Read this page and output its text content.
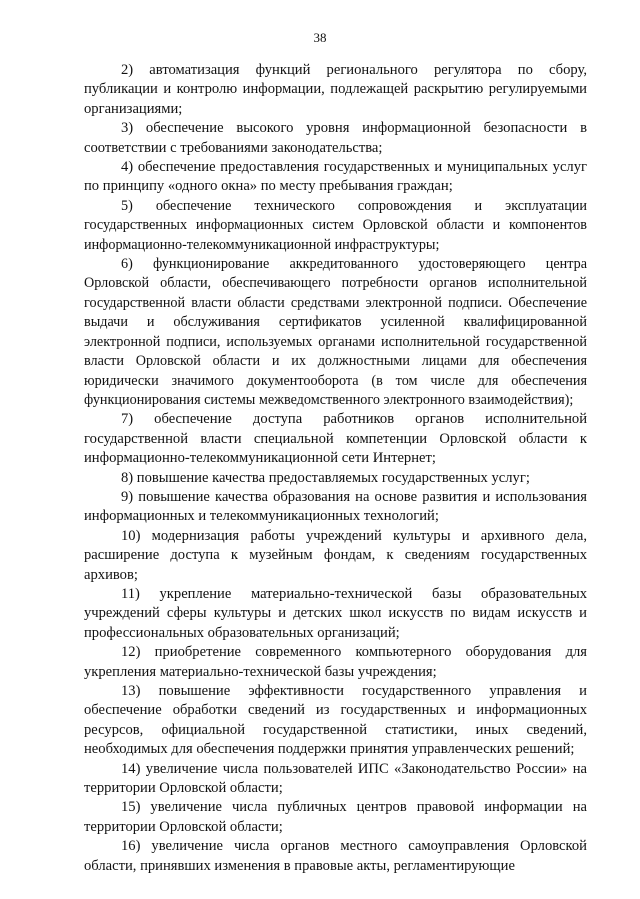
38

2) автоматизация функций регионального регулятора по сбору, публикации и контролю информации, подлежащей раскрытию регулируемыми организациями;

3) обеспечение высокого уровня информационной безопасности в соответствии с требованиями законодательства;

4) обеспечение предоставления государственных и муниципальных услуг по принципу «одного окна» по месту пребывания граждан;

5) обеспечение технического сопровождения и эксплуатации государственных информационных систем Орловской области и компонентов информационно-телекоммуникационной инфраструктуры;

6) функционирование аккредитованного удостоверяющего центра Орловской области, обеспечивающего потребности органов исполнительной государственной власти области средствами электронной подписи. Обеспечение выдачи и обслуживания сертификатов усиленной квалифицированной электронной подписи, используемых органами исполнительной государственной власти Орловской области и их должностными лицами для обеспечения юридически значимого документооборота (в том числе для обеспечения функционирования системы межведомственного электронного взаимодействия);

7) обеспечение доступа работников органов исполнительной государственной власти специальной компетенции Орловской области к информационно-телекоммуникационной сети Интернет;

8) повышение качества предоставляемых государственных услуг;

9) повышение качества образования на основе развития и использования информационных и телекоммуникационных технологий;

10) модернизация работы учреждений культуры и архивного дела, расширение доступа к музейным фондам, к сведениям государственных архивов;

11) укрепление материально-технической базы образовательных учреждений сферы культуры и детских школ искусств по видам искусств и профессиональных образовательных организаций;

12) приобретение современного компьютерного оборудования для укрепления материально-технической базы учреждения;

13) повышение эффективности государственного управления и обеспечение обработки сведений из государственных и информационных ресурсов, официальной государственной статистики, иных сведений, необходимых для обеспечения поддержки принятия управленческих решений;

14) увеличение числа пользователей ИПС «Законодательство России» на территории Орловской области;

15) увеличение числа публичных центров правовой информации на территории Орловской области;

16) увеличение числа органов местного самоуправления Орловской области, принявших изменения в правовые акты, регламентирующие
